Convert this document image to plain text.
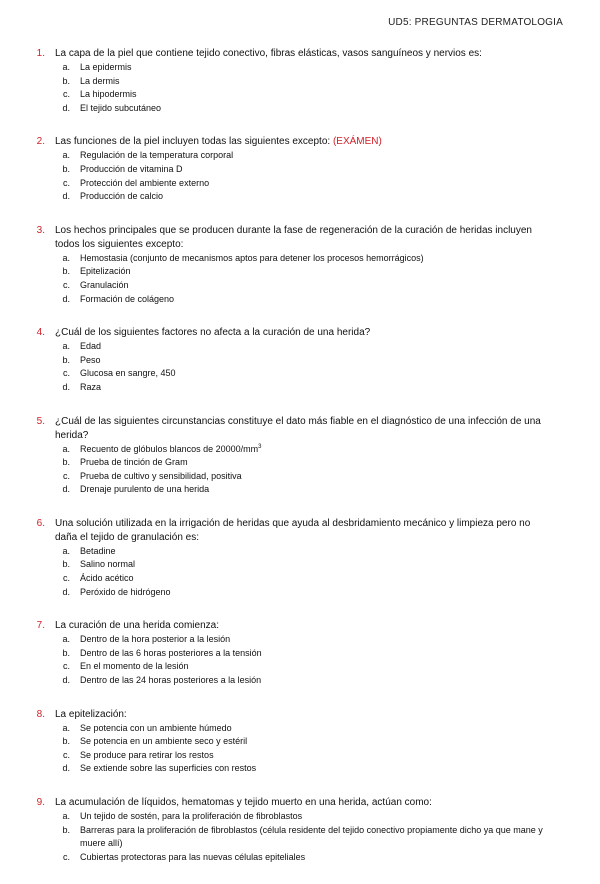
UD5: PREGUNTAS DERMATOLOGIA
1.	La capa de la piel que contiene tejido conectivo, fibras elásticas, vasos sanguíneos y nervios es:
a.	La epidermis
b.	La dermis
c.	La hipodermis
d.	El tejido subcutáneo
2.	Las funciones de la piel incluyen todas las siguientes excepto: (EXÁMEN)
a.	Regulación de la temperatura corporal
b.	Producción de vitamina D
c.	Protección del ambiente externo
d.	Producción de calcio
3.	Los hechos principales que se producen durante la fase de regeneración de la curación de heridas incluyen todos los siguientes excepto:
a.	Hemostasia (conjunto de mecanismos aptos para detener los procesos hemorrágicos)
b.	Epitelización
c.	Granulación
d.	Formación de colágeno
4.	¿Cuál de los siguientes factores no afecta a la curación de una herida?
a.	Edad
b.	Peso
c.	Glucosa en sangre, 450
d.	Raza
5.	¿Cuál de las siguientes circunstancias constituye el dato más fiable en el diagnóstico de una infección de una herida?
a.	Recuento de glóbulos blancos de $20000/mm^3$
b.	Prueba de tinción de Gram
c.	Prueba de cultivo y sensibilidad, positiva
d.	Drenaje purulento de una herida
6.	Una solución utilizada en la irrigación de heridas que ayuda al desbridamiento mecánico y limpieza pero no daña el tejido de granulación es:
a.	Betadine
b.	Salino normal
c.	Ácido acético
d.	Peróxido de hidrógeno
7.	La curación de una herida comienza:
a.	Dentro de la hora posterior a la lesión
b.	Dentro de las 6 horas posteriores a la tensión
c.	En el momento de la lesión
d.	Dentro de las 24 horas posteriores a la lesión
8.	La epitelización:
a.	Se potencia con un ambiente húmedo
b.	Se potencia en un ambiente seco y estéril
c.	Se produce para retirar los restos
d.	Se extiende sobre las superficies con restos
9.	La acumulación de líquidos, hematomas y tejido muerto en una herida, actúan como:
a.	Un tejido de sostén, para la proliferación de fibroblastos
b.	Barreras para la proliferación de fibroblastos (célula residente del tejido conectivo propiamente dicho ya que mane y muere allí)
c.	Cubiertas protectoras para las nuevas células epiteliales
